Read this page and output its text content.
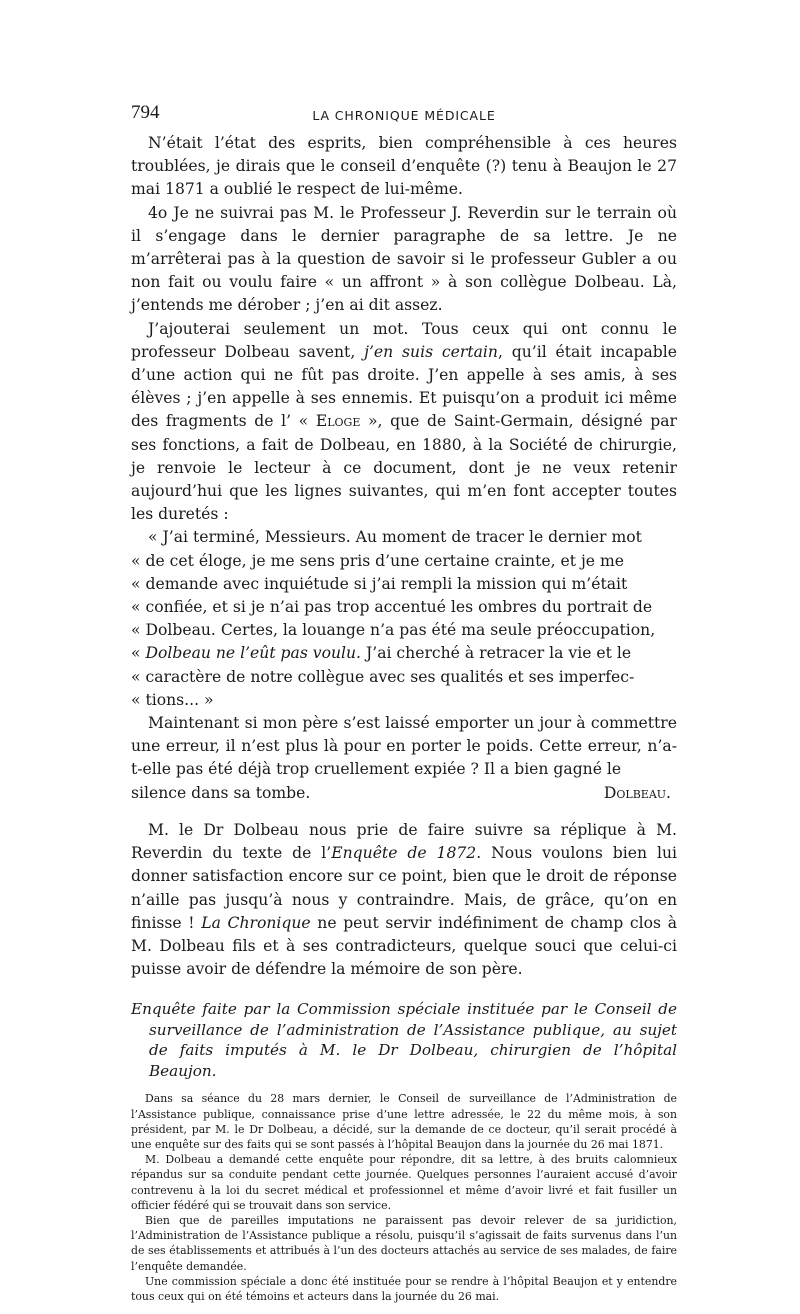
794	LA CHRONIQUE MÉDICALE

N’était l’état des esprits, bien compréhensible à ces heures troublées, je dirais que le conseil d’enquête (?) tenu à Beaujon le 27 mai 1871 a oublié le respect de lui-même.

4o Je ne suivrai pas M. le Professeur J. Reverdin sur le terrain où il s’engage dans le dernier paragraphe de sa lettre. Je ne m’arrêterai pas à la question de savoir si le professeur Gubler a ou non fait ou voulu faire « un affront » à son collègue Dolbeau. Là, j’entends me dérober ; j’en ai dit assez.

J’ajouterai seulement un mot. Tous ceux qui ont connu le professeur Dolbeau savent, j’en suis certain, qu’il était incapable d’une action qui ne fût pas droite. J’en appelle à ses amis, à ses élèves ; j’en appelle à ses ennemis. Et puisqu’on a produit ici même des fragments de l’ « Eloge », que de Saint-Germain, désigné par ses fonctions, a fait de Dolbeau, en 1880, à la Société de chirurgie, je renvoie le lecteur à ce document, dont je ne veux retenir aujourd’hui que les lignes suivantes, qui m’en font accepter toutes les duretés :

« J’ai terminé, Messieurs. Au moment de tracer le dernier mot

« de cet éloge, je me sens pris d’une certaine crainte, et je me

« demande avec inquiétude si j’ai rempli la mission qui m’était

« confiée, et si je n’ai pas trop accentué les ombres du portrait de

« Dolbeau. Certes, la louange n’a pas été ma seule préoccupation,

« Dolbeau ne l’eût pas voulu. J’ai cherché à retracer la vie et le

« caractère de notre collègue avec ses qualités et ses imperfec-

« tions... »

Maintenant si mon père s’est laissé emporter un jour à commettre une erreur, il n’est plus là pour en porter le poids. Cette erreur, n’a-t-elle pas été déjà trop cruellement expiée ? Il a bien gagné le

silence dans sa tombe.	Dolbeau.

M. le Dr Dolbeau nous prie de faire suivre sa réplique à M. Reverdin du texte de l’Enquête de 1872. Nous voulons bien lui donner satisfaction encore sur ce point, bien que le droit de réponse n’aille pas jusqu’à nous y contraindre. Mais, de grâce, qu’on en finisse ! La Chronique ne peut servir indéfiniment de champ clos à M. Dolbeau fils et à ses contradicteurs, quelque souci que celui-ci puisse avoir de défendre la mémoire de son père.

Enquête faite par la Commission spéciale instituée par le Conseil de surveillance de l’administration de l’Assistance publique, au sujet de faits imputés à M. le Dr Dolbeau, chirurgien de l’hôpital Beaujon.

Dans sa séance du 28 mars dernier, le Conseil de surveillance de l’Administration de l’Assistance publique, connaissance prise d’une lettre adressée, le 22 du même mois, à son président, par M. le Dr Dolbeau, a décidé, sur la demande de ce docteur, qu’il serait procédé à une enquête sur des faits qui se sont passés à l’hôpital Beaujon dans la journée du 26 mai 1871.

M. Dolbeau a demandé cette enquête pour répondre, dit sa lettre, à des bruits calomnieux répandus sur sa conduite pendant cette journée. Quelques personnes l’auraient accusé d’avoir contrevenu à la loi du secret médical et professionnel et même d’avoir livré et fait fusiller un officier fédéré qui se trouvait dans son service.

Bien que de pareilles imputations ne paraissent pas devoir relever de sa juridiction, l’Administration de l’Assistance publique a résolu, puisqu’il s’agissait de faits survenus dans l’un de ses établissements et attribués à l’un des docteurs attachés au service de ses malades, de faire l’enquête demandée.

Une commission spéciale a donc été instituée pour se rendre à l’hôpital Beaujon et y entendre tous ceux qui on été témoins et acteurs dans la journée du 26 mai.
